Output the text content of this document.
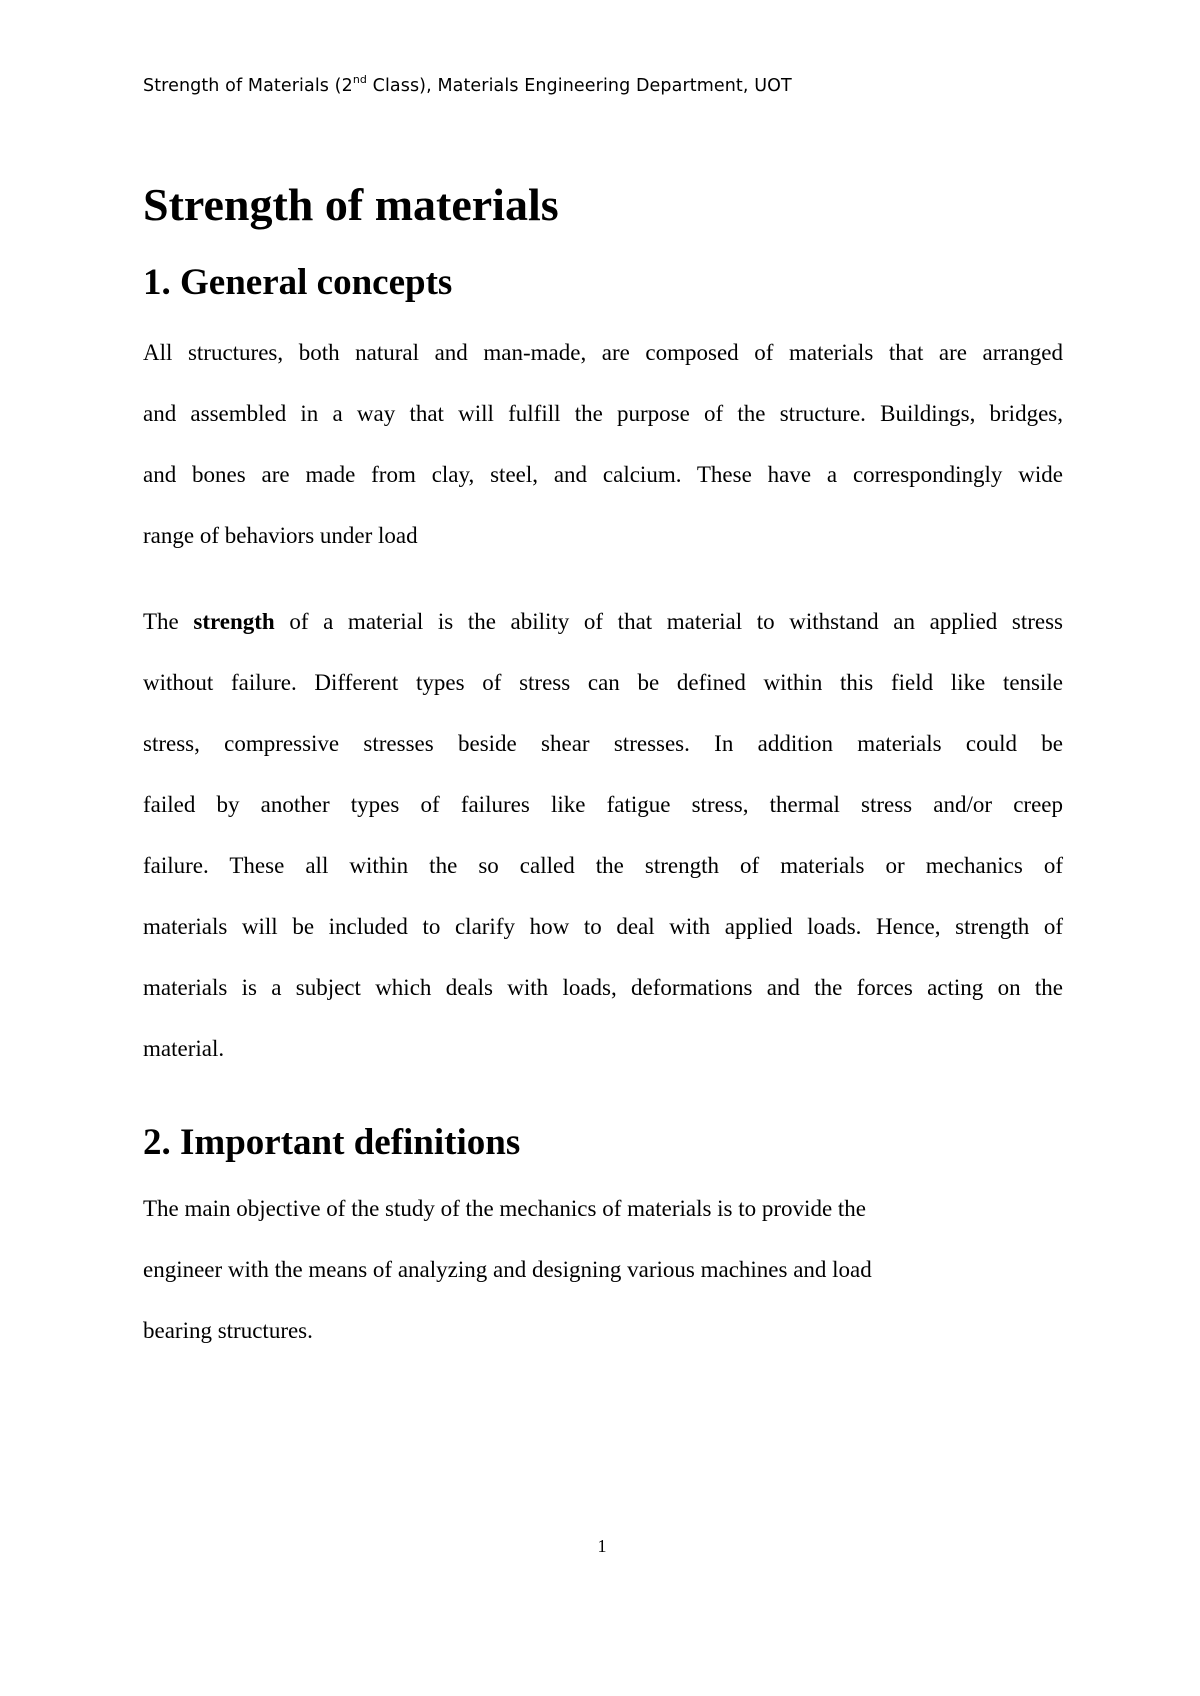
Strength of Materials (2nd Class), Materials Engineering Department, UOT
Strength of materials
1. General concepts
All structures, both natural and man-made, are composed of materials that are arranged
and assembled in a way that will fulfill the purpose of the structure. Buildings, bridges,
and bones are made from clay, steel, and calcium. These have a correspondingly wide
range of behaviors under load
The strength of a material is the ability of that material to withstand an applied stress
without failure. Different types of stress can be defined within this field like tensile
stress, compressive stresses beside shear stresses. In addition materials could be
failed by another types of failures like fatigue stress, thermal stress and/or creep
failure. These all within the so called the strength of materials or mechanics of
materials will be included to clarify how to deal with applied loads. Hence, strength of
materials is a subject which deals with loads, deformations and the forces acting on the
material.
2. Important definitions
The main objective of the study of the mechanics of materials is to provide the
engineer with the means of analyzing and designing various machines and load
bearing structures.
1
